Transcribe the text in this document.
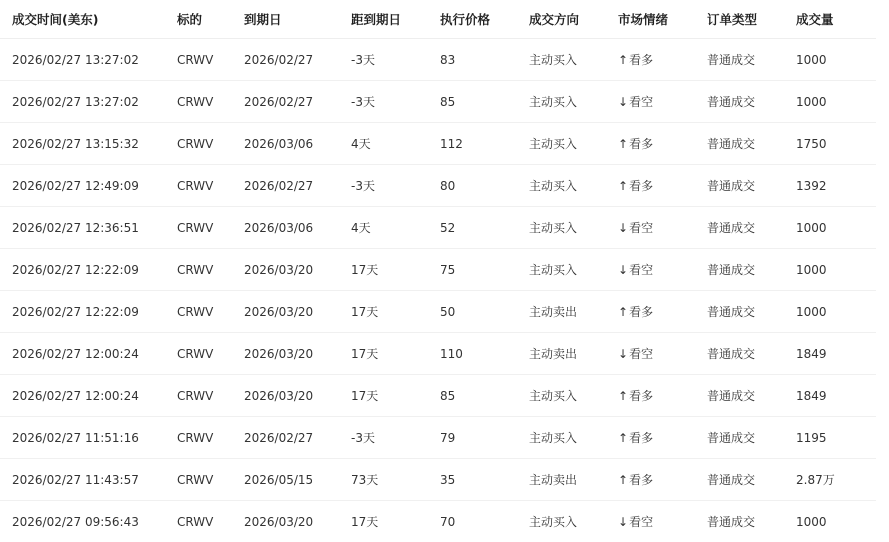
成交时间(美东)	标的	到期日	距到期日	执行价格	成交方向	市场情绪	订单类型	成交量
2026/02/27 13:27:02	CRWV	2026/02/27	-3天	83	主动买入	↑看多	普通成交	1000
2026/02/27 13:27:02	CRWV	2026/02/27	-3天	85	主动买入	↓看空	普通成交	1000
2026/02/27 13:15:32	CRWV	2026/03/06	4天	112	主动买入	↑看多	普通成交	1750
2026/02/27 12:49:09	CRWV	2026/02/27	-3天	80	主动买入	↑看多	普通成交	1392
2026/02/27 12:36:51	CRWV	2026/03/06	4天	52	主动买入	↓看空	普通成交	1000
2026/02/27 12:22:09	CRWV	2026/03/20	17天	75	主动买入	↓看空	普通成交	1000
2026/02/27 12:22:09	CRWV	2026/03/20	17天	50	主动卖出	↑看多	普通成交	1000
2026/02/27 12:00:24	CRWV	2026/03/20	17天	110	主动卖出	↓看空	普通成交	1849
2026/02/27 12:00:24	CRWV	2026/03/20	17天	85	主动买入	↑看多	普通成交	1849
2026/02/27 11:51:16	CRWV	2026/02/27	-3天	79	主动买入	↑看多	普通成交	1195
2026/02/27 11:43:57	CRWV	2026/05/15	73天	35	主动卖出	↑看多	普通成交	2.87万
2026/02/27 09:56:43	CRWV	2026/03/20	17天	70	主动买入	↓看空	普通成交	1000
